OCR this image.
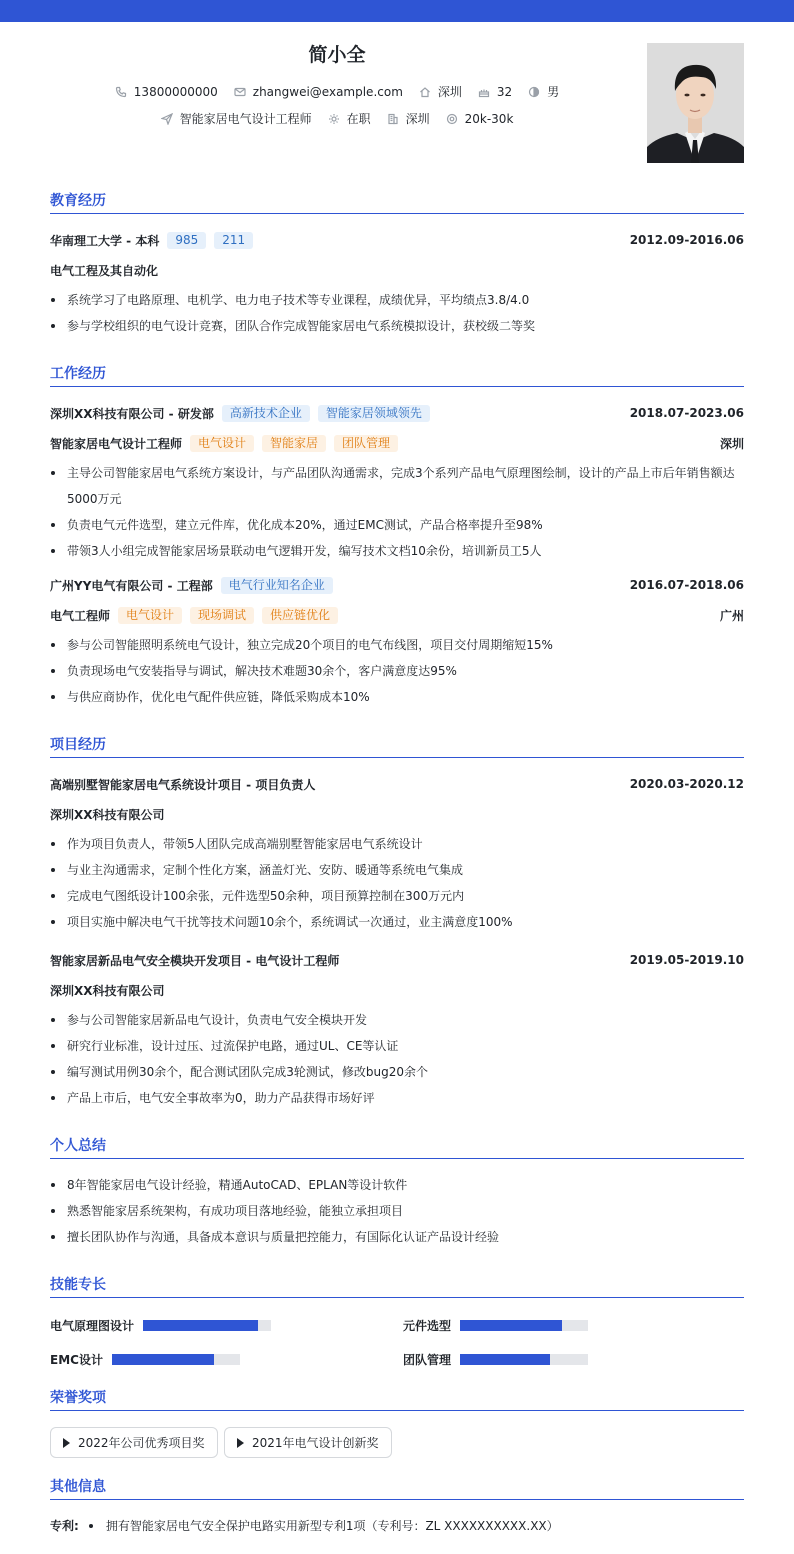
简小全
13800000000	zhangwei@example.com	深圳	32	男
智能家居电气设计工程师	在职	深圳	20k-30k
教育经历
华南理工大学 - 本科	985	211	2012.09-2016.06
电气工程及其自动化
系统学习了电路原理、电机学、电力电子技术等专业课程，成绩优异，平均绩点3.8/4.0
参与学校组织的电气设计竞赛，团队合作完成智能家居电气系统模拟设计，获校级二等奖
工作经历
深圳XX科技有限公司 - 研发部	高新技术企业	智能家居领域领先	2018.07-2023.06
智能家居电气设计工程师	电气设计	智能家居	团队管理	深圳
主导公司智能家居电气系统方案设计，与产品团队沟通需求，完成3个系列产品电气原理图绘制，设计的产品上市后年销售额达5000万元
负责电气元件选型，建立元件库，优化成本20%，通过EMC测试，产品合格率提升至98%
带领3人小组完成智能家居场景联动电气逻辑开发，编写技术文档10余份，培训新员工5人
广州YY电气有限公司 - 工程部	电气行业知名企业	2016.07-2018.06
电气工程师	电气设计	现场调试	供应链优化	广州
参与公司智能照明系统电气设计，独立完成20个项目的电气布线图，项目交付周期缩短15%
负责现场电气安装指导与调试，解决技术难题30余个，客户满意度达95%
与供应商协作，优化电气配件供应链，降低采购成本10%
项目经历
高端别墅智能家居电气系统设计项目 - 项目负责人	2020.03-2020.12
深圳XX科技有限公司
作为项目负责人，带领5人团队完成高端别墅智能家居电气系统设计
与业主沟通需求，定制个性化方案，涵盖灯光、安防、暖通等系统电气集成
完成电气图纸设计100余张，元件选型50余种，项目预算控制在300万元内
项目实施中解决电气干扰等技术问题10余个，系统调试一次通过，业主满意度100%
智能家居新品电气安全模块开发项目 - 电气设计工程师	2019.05-2019.10
深圳XX科技有限公司
参与公司智能家居新品电气设计，负责电气安全模块开发
研究行业标准，设计过压、过流保护电路，通过UL、CE等认证
编写测试用例30余个，配合测试团队完成3轮测试，修改bug20余个
产品上市后，电气安全事故率为0，助力产品获得市场好评
个人总结
8年智能家居电气设计经验，精通AutoCAD、EPLAN等设计软件
熟悉智能家居系统架构，有成功项目落地经验，能独立承担项目
擅长团队协作与沟通，具备成本意识与质量把控能力，有国际化认证产品设计经验
技能专长
电气原理图设计	元件选型
EMC设计	团队管理
荣誉奖项
2022年公司优秀项目奖	2021年电气设计创新奖
其他信息
专利: 拥有智能家居电气安全保护电路实用新型专利1项（专利号：ZL XXXXXXXXXX.XX）
